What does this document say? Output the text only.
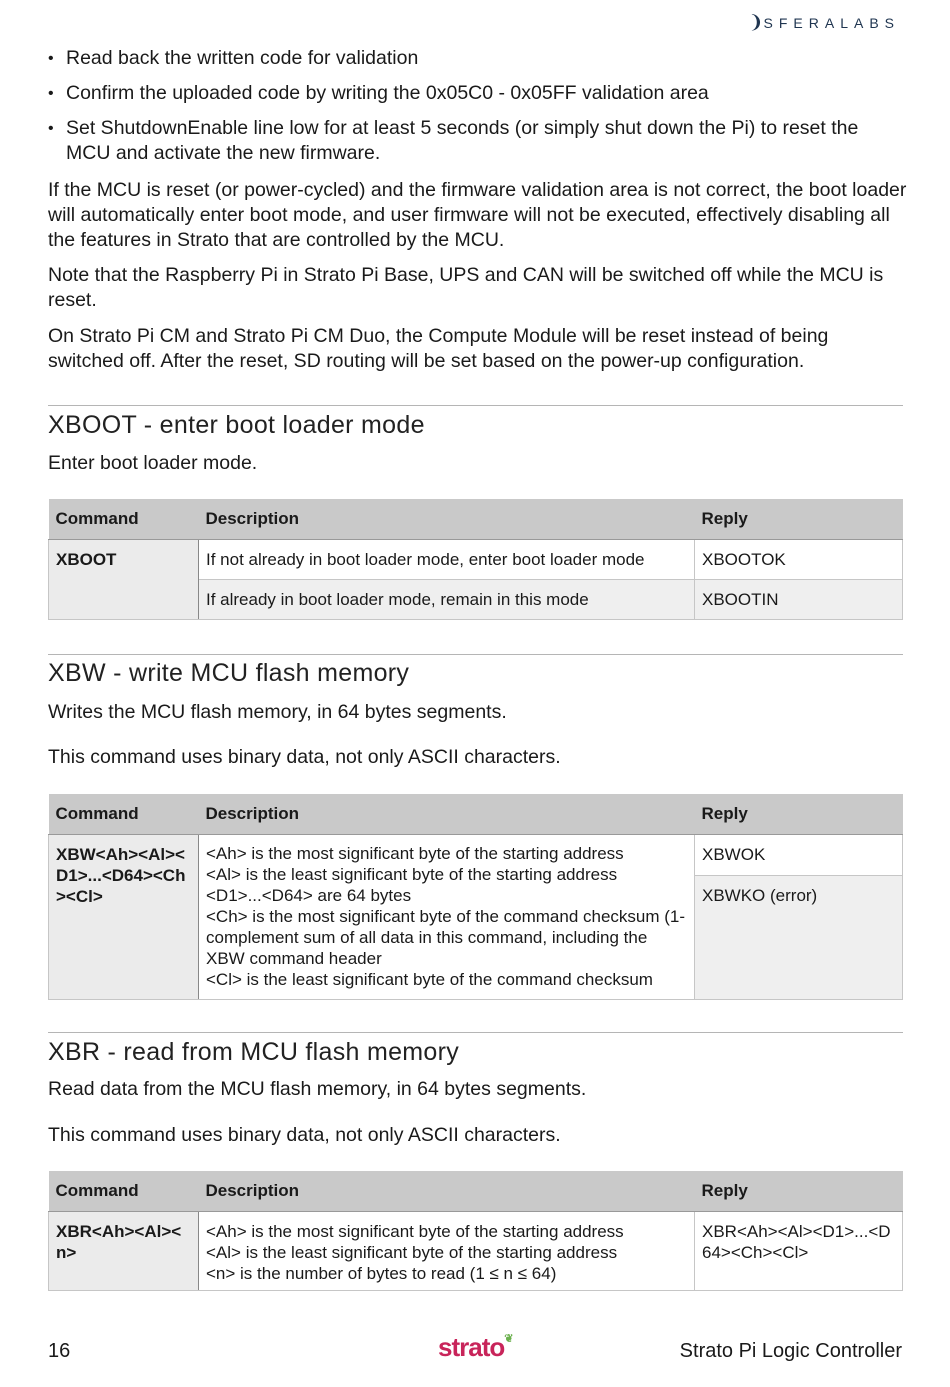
❩SFERALABS
• Read back the written code for validation
• Confirm the uploaded code by writing the 0x05C0 - 0x05FF validation area
• Set ShutdownEnable line low for at least 5 seconds (or simply shut down the Pi) to reset the MCU and activate the new firmware.
If the MCU is reset (or power-cycled) and the firmware validation area is not correct, the boot loader will automatically enter boot mode, and user firmware will not be executed, effectively disabling all the features in Strato that are controlled by the MCU.
Note that the Raspberry Pi in Strato Pi Base, UPS and CAN will be switched off while the MCU is reset.
On Strato Pi CM and Strato Pi CM Duo, the Compute Module will be reset instead of being switched off. After the reset, SD routing will be set based on the power-up configuration.
XBOOT - enter boot loader mode
Enter boot loader mode.
Command	Description	Reply
XBOOT	If not already in boot loader mode, enter boot loader mode	XBOOTOK
	If already in boot loader mode, remain in this mode	XBOOTIN
XBW - write MCU flash memory
Writes the MCU flash memory, in 64 bytes segments.
This command uses binary data, not only ASCII characters.
Command	Description	Reply
XBW<Ah><Al><D1>...<D64><Ch><Cl>	<Ah> is the most significant byte of the starting address
<Al> is the least significant byte of the starting address
<D1>...<D64> are 64 bytes
<Ch> is the most significant byte of the command checksum (1-complement sum of all data in this command, including the XBW command header
<Cl> is the least significant byte of the command checksum	XBWOK
		XBWKO (error)
XBR - read from MCU flash memory
Read data from the MCU flash memory, in 64 bytes segments.
This command uses binary data, not only ASCII characters.
Command	Description	Reply
XBR<Ah><Al><n>	<Ah> is the most significant byte of the starting address
<Al> is the least significant byte of the starting address
<n> is the number of bytes to read (1 ≤ n ≤ 64)	XBR<Ah><Al><D1>...<D64><Ch><Cl>
16	strato❦
Strato Pi Logic Controller
